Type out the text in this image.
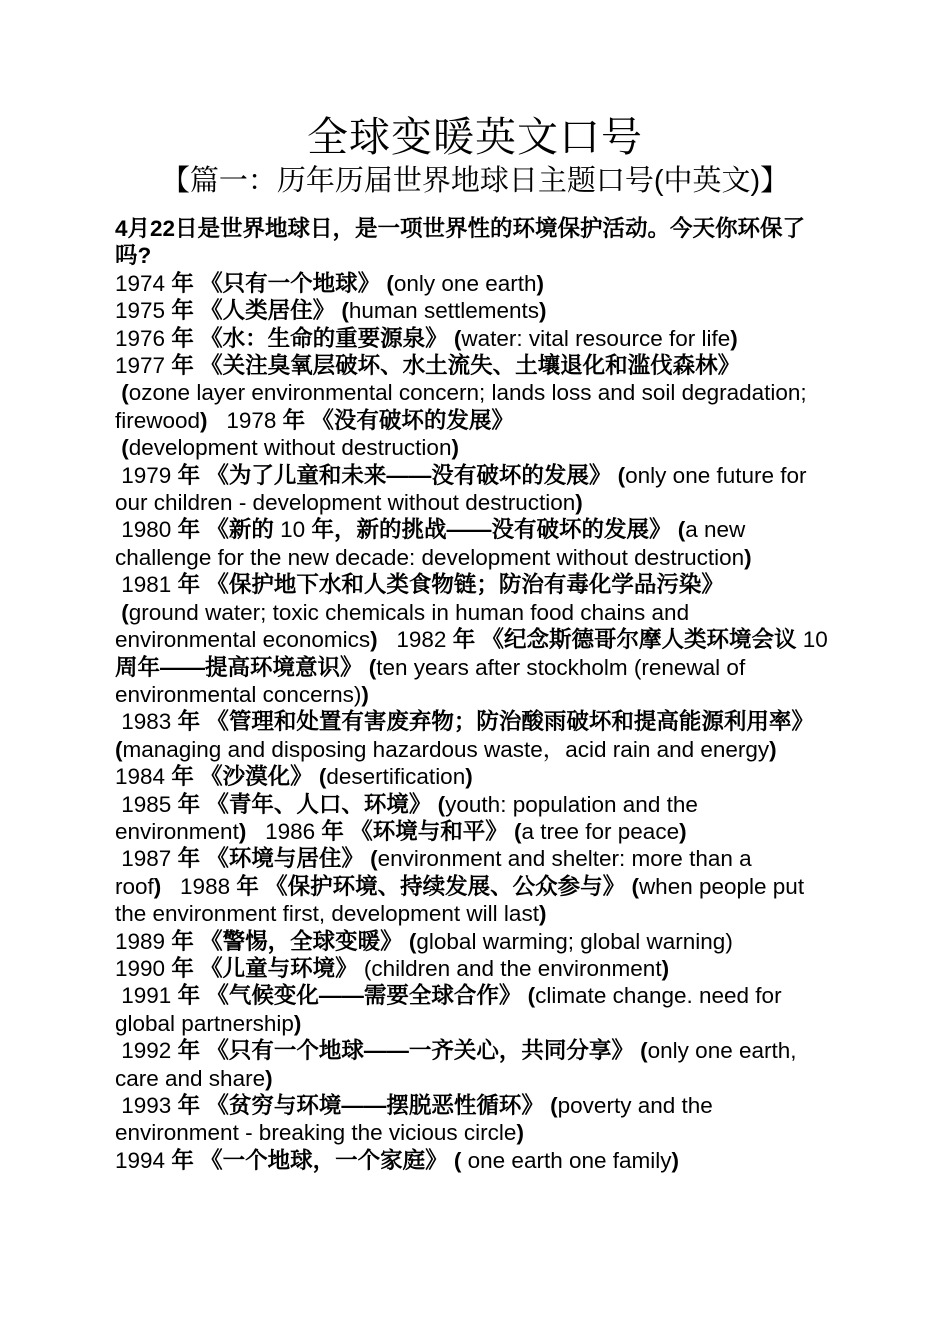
全球变暖英文口号
【篇一：历年历届世界地球日主题口号(中英文)】

4月22日是世界地球日，是一项世界性的环境保护活动。今天你环保了吗?

1974 年 《只有一个地球》 (only one earth)

1975 年 《人类居住》 (human settlements)

1976 年 《水：生命的重要源泉》 (water: vital resource for life)

1977 年 《关注臭氧层破坏、水土流失、土壤退化和滥伐森林》
(ozone layer environmental concern; lands loss and soil degradation; firewood) 1978 年 《没有破坏的发展》
(development without destruction)

1979 年 《为了儿童和未来——没有破坏的发展》 (only one future for our children - development without destruction)

1980 年 《新的 10 年，新的挑战——没有破坏的发展》 (a new challenge for the new decade: development without destruction)

1981 年 《保护地下水和人类食物链；防治有毒化学品污染》
(ground water; toxic chemicals in human food chains and environmental economics) 1982 年 《纪念斯德哥尔摩人类环境会议 10 周年——提高环境意识》 (ten years after stockholm (renewal of environmental concerns))

1983 年 《管理和处置有害废弃物；防治酸雨破坏和提高能源利用率》 (managing and disposing hazardous waste，acid rain and energy)

1984 年 《沙漠化》 (desertification)

1985 年 《青年、人口、环境》 (youth: population and the environment) 1986 年 《环境与和平》 (a tree for peace)

1987 年 《环境与居住》 (environment and shelter: more than a roof) 1988 年 《保护环境、持续发展、公众参与》 (when people put the environment first, development will last)

1989 年 《警惕，全球变暖》 (global warming; global warning)

1990 年 《儿童与环境》 (children and the environment)

1991 年 《气候变化——需要全球合作》 (climate change. need for global partnership)

1992 年 《只有一个地球——一齐关心，共同分享》 (only one earth, care and share)

1993 年 《贫穷与环境——摆脱恶性循环》 (poverty and the environment - breaking the vicious circle)

1994 年 《一个地球，一个家庭》 ( one earth one family)
